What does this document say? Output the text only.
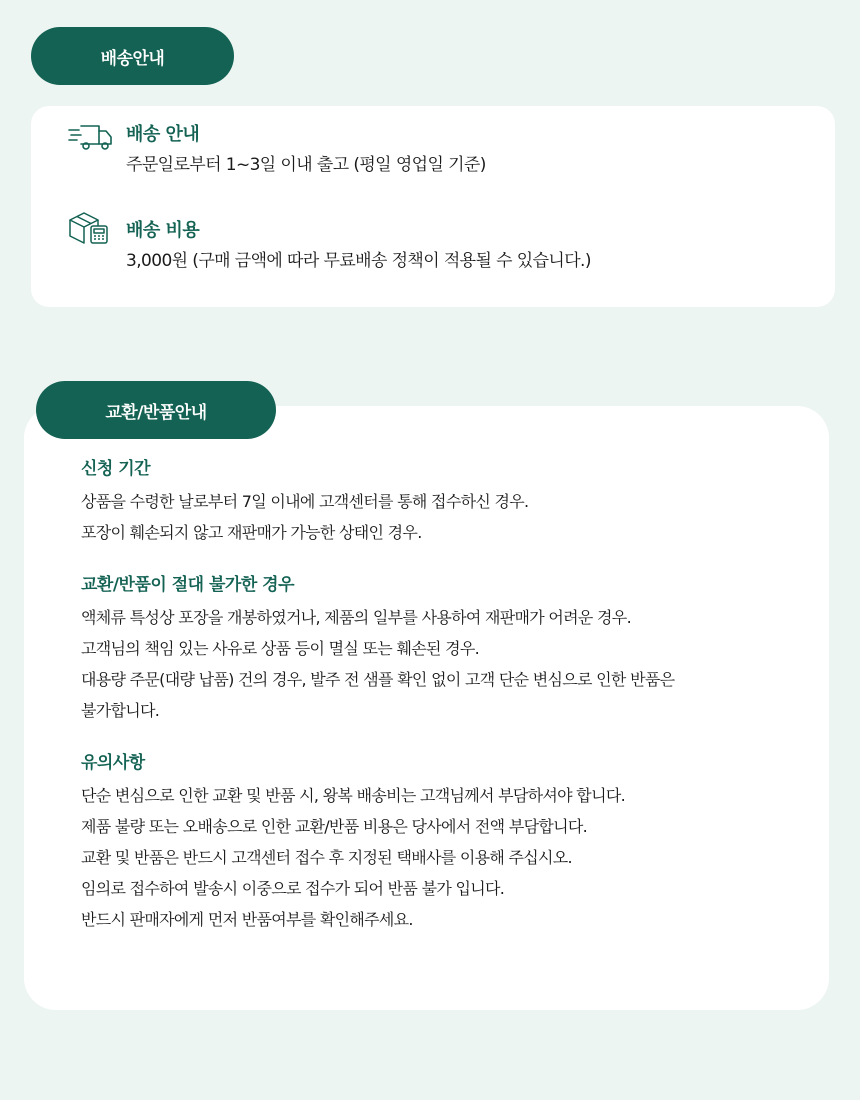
배송안내
배송 안내
주문일로부터 1~3일 이내 출고 (평일 영업일 기준)
배송 비용
3,000원 (구매 금액에 따라 무료배송 정책이 적용될 수 있습니다.)
교환/반품안내
신청 기간
상품을 수령한 날로부터 7일 이내에 고객센터를 통해 접수하신 경우.
포장이 훼손되지 않고 재판매가 가능한 상태인 경우.
교환/반품이 절대 불가한 경우
액체류 특성상 포장을 개봉하였거나, 제품의 일부를 사용하여 재판매가 어려운 경우.
고객님의 책임 있는 사유로 상품 등이 멸실 또는 훼손된 경우.
대용량 주문(대량 납품) 건의 경우, 발주 전 샘플 확인 없이 고객 단순 변심으로 인한 반품은
불가합니다.
유의사항
단순 변심으로 인한 교환 및 반품 시, 왕복 배송비는 고객님께서 부담하셔야 합니다.
제품 불량 또는 오배송으로 인한 교환/반품 비용은 당사에서 전액 부담합니다.
교환 및 반품은 반드시 고객센터 접수 후 지정된 택배사를 이용해 주십시오.
임의로 접수하여 발송시 이중으로 접수가 되어 반품 불가 입니다.
반드시 판매자에게 먼저 반품여부를 확인해주세요.
